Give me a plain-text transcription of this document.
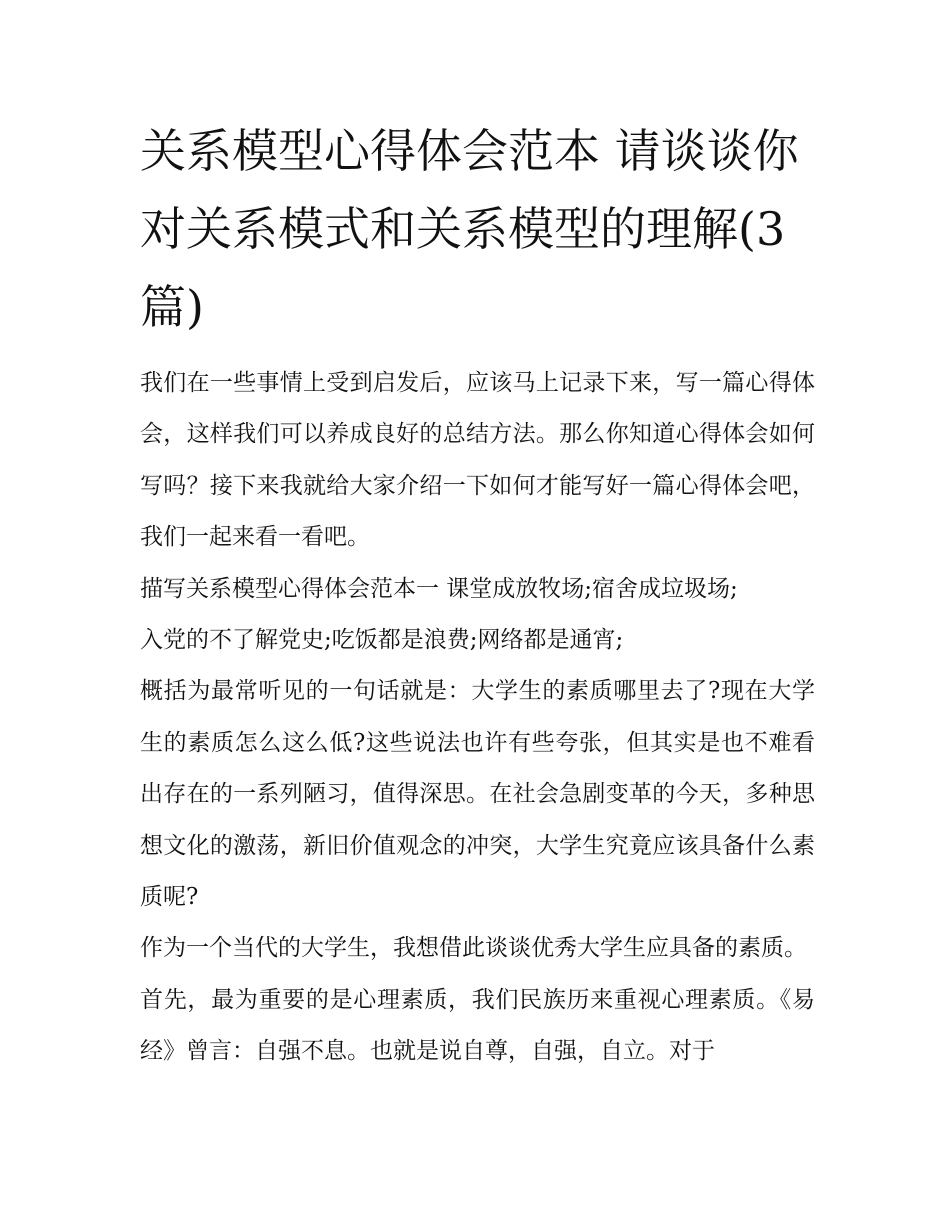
关系模型心得体会范本 请谈谈你对关系模式和关系模型的理解(3篇)

我们在一些事情上受到启发后，应该马上记录下来，写一篇心得体会，这样我们可以养成良好的总结方法。那么你知道心得体会如何写吗？接下来我就给大家介绍一下如何才能写好一篇心得体会吧，我们一起来看一看吧。

描写关系模型心得体会范本一 课堂成放牧场;宿舍成垃圾场;

入党的不了解党史;吃饭都是浪费;网络都是通宵;

概括为最常听见的一句话就是：大学生的素质哪里去了?现在大学生的素质怎么这么低?这些说法也许有些夸张，但其实是也不难看出存在的一系列陋习，值得深思。在社会急剧变革的今天，多种思想文化的激荡，新旧价值观念的冲突，大学生究竟应该具备什么素质呢?

作为一个当代的大学生，我想借此谈谈优秀大学生应具备的素质。

首先，最为重要的是心理素质，我们民族历来重视心理素质。《易经》曾言：自强不息。也就是说自尊，自强，自立。对于
